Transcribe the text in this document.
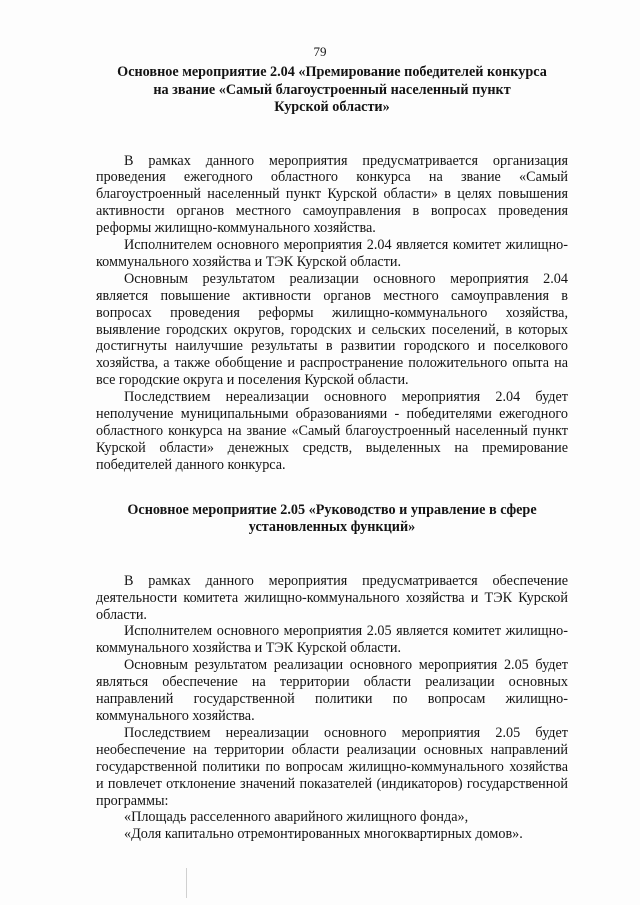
79
Основное мероприятие 2.04 «Премирование победителей конкурса
на звание «Самый благоустроенный населенный пункт
Курской области»

В рамках данного мероприятия предусматривается организация проведения ежегодного областного конкурса на звание «Самый благоустроенный населенный пункт Курской области» в целях повышения активности органов местного самоуправления в вопросах проведения реформы жилищно-коммунального хозяйства.

Исполнителем основного мероприятия 2.04 является комитет жилищно-коммунального хозяйства и ТЭК Курской области.

Основным результатом реализации основного мероприятия 2.04 является повышение активности органов местного самоуправления в вопросах проведения реформы жилищно-коммунального хозяйства, выявление городских округов, городских и сельских поселений, в которых достигнуты наилучшие результаты в развитии городского и поселкового хозяйства, а также обобщение и распространение положительного опыта на все городские округа и поселения Курской области.

Последствием нереализации основного мероприятия 2.04 будет неполучение муниципальными образованиями - победителями ежегодного областного конкурса на звание «Самый благоустроенный населенный пункт Курской области» денежных средств, выделенных на премирование победителей данного конкурса.

Основное мероприятие 2.05 «Руководство и управление в сфере
установленных функций»

В рамках данного мероприятия предусматривается обеспечение деятельности комитета жилищно-коммунального хозяйства и ТЭК Курской области.

Исполнителем основного мероприятия 2.05 является комитет жилищно-коммунального хозяйства и ТЭК Курской области.

Основным результатом реализации основного мероприятия 2.05 будет являться обеспечение на территории области реализации основных направлений государственной политики по вопросам жилищно-коммунального хозяйства.

Последствием нереализации основного мероприятия 2.05 будет необеспечение на территории области реализации основных направлений государственной политики по вопросам жилищно-коммунального хозяйства и повлечет отклонение значений показателей (индикаторов) государственной программы:

«Площадь расселенного аварийного жилищного фонда»,

«Доля капитально отремонтированных многоквартирных домов».
